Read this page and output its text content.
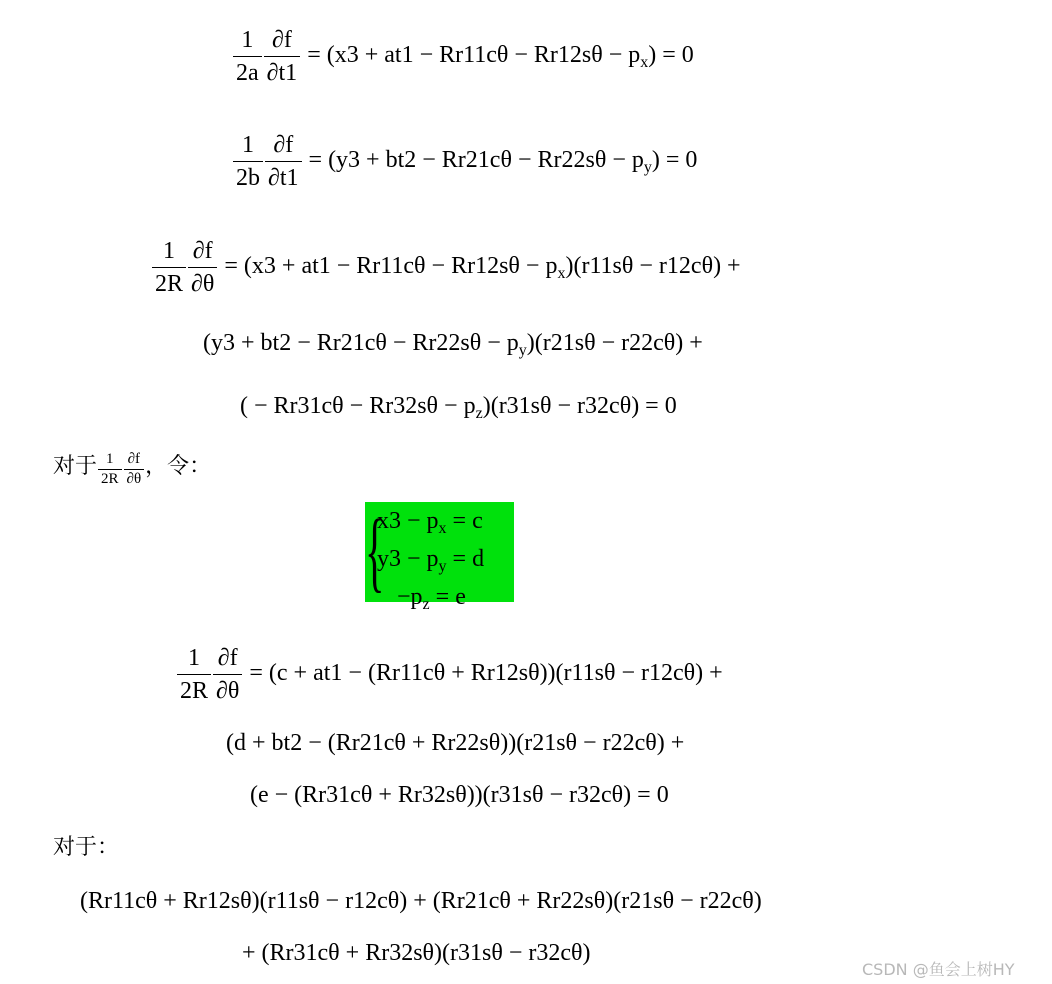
$\frac{1}{2a} \frac{\partial f}{\partial t1} = (x3 + at1 - Rr11c\theta - Rr12s\theta - p_x) = 0$
$\frac{1}{2b} \frac{\partial f}{\partial t1} = (y3 + bt2 - Rr21c\theta - Rr22s\theta - p_y) = 0$
$\frac{1}{2R} \frac{\partial f}{\partial\theta} = (x3 + at1 - Rr11c\theta - Rr12s\theta - p_x)(r11s\theta - r12c\theta)$ +
$(y3 + bt2 - Rr21c\theta - Rr22s\theta - p_y)(r21s\theta - r22c\theta)$ +
( − $Rr31c\theta - Rr32s\theta - p_z)(r31s\theta - r32c\theta) = 0$
对于 $\frac{1}{2R} \frac{\partial f}{\partial\theta}$ ，令：
{
$x3 - p_x = c$
$y3 - p_y = d$
$-p_z = e$
$\frac{1}{2R} \frac{\partial f}{\partial\theta} = (c + at1 - (Rr11c\theta + Rr12s\theta))(r11s\theta - r12c\theta)$ +
(d + bt2 − (Rr21cθ + Rr22sθ))(r21sθ − r22cθ) +
(e − (Rr31cθ + Rr32sθ))(r31sθ − r32cθ) = 0
对于：
(Rr11cθ + Rr12sθ)(r11sθ − r12cθ) + (Rr21cθ + Rr22sθ)(r21sθ − r22cθ)
+ (Rr31cθ + Rr32sθ)(r31sθ − r32cθ)
CSDN @鱼会上树HY
